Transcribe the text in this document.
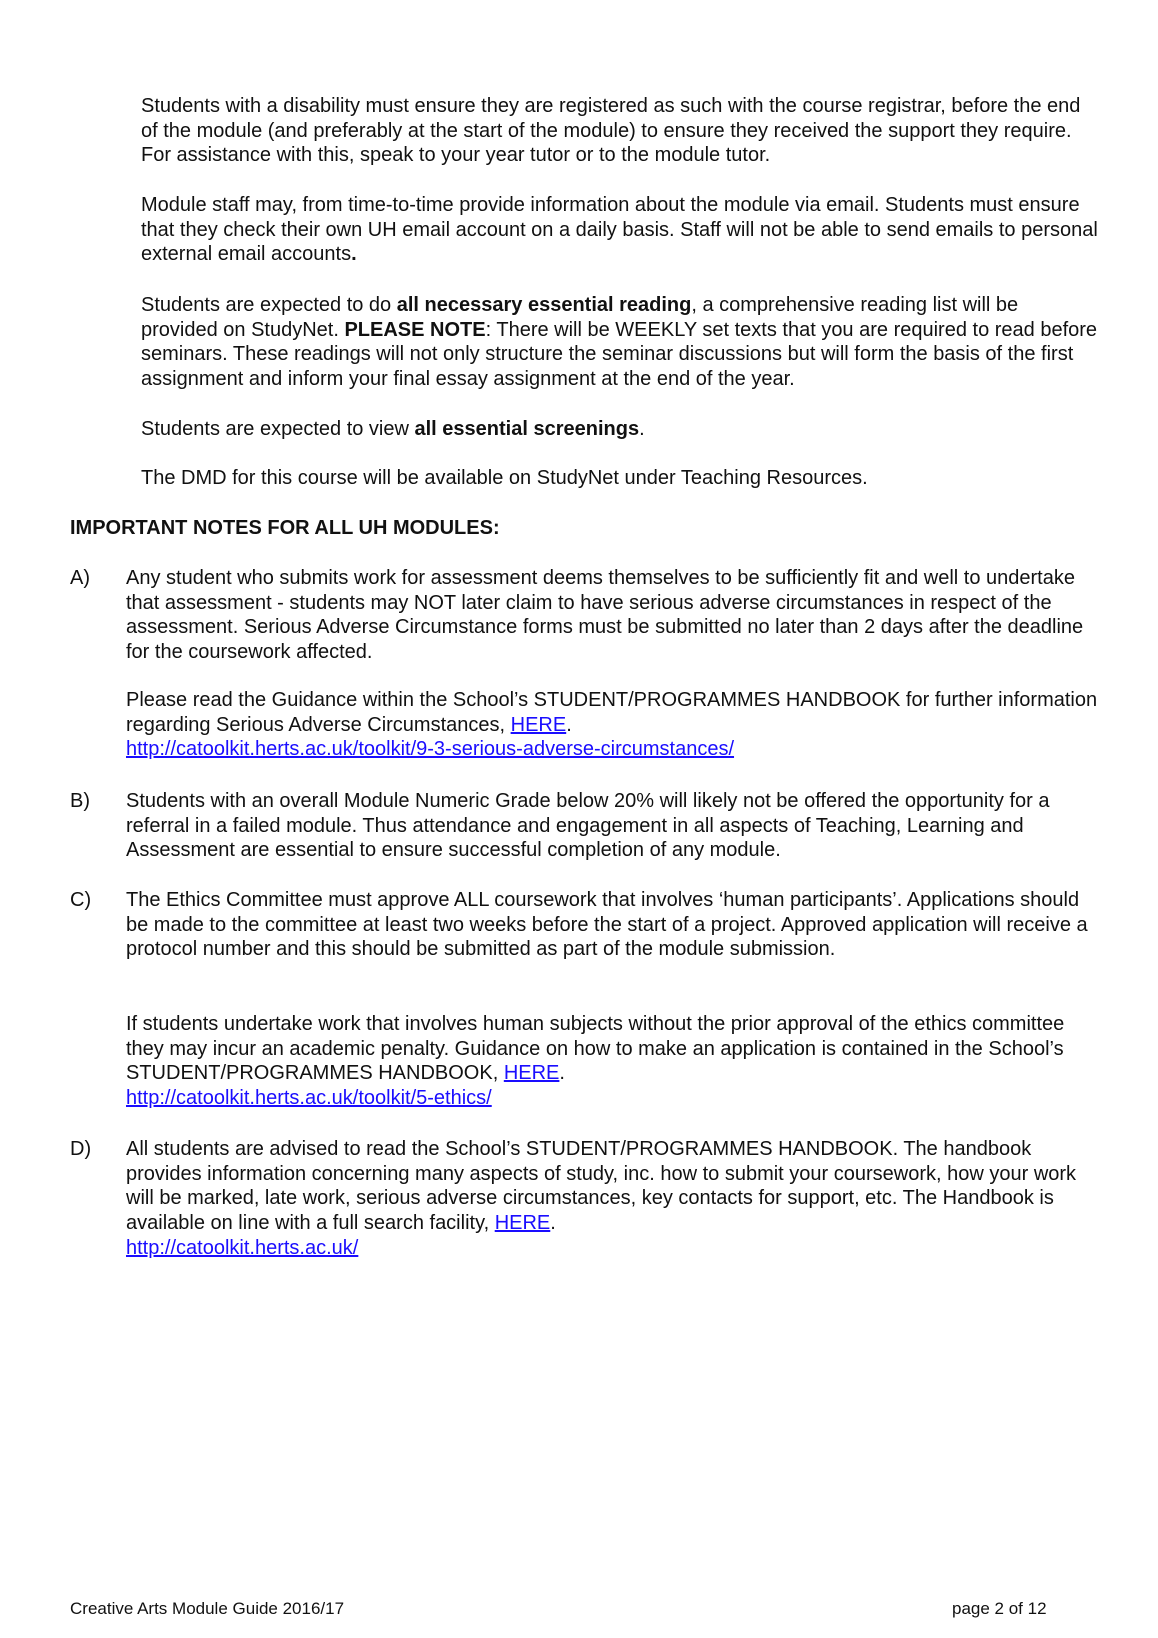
Students with a disability must ensure they are registered as such with the course registrar, before the end of the module (and preferably at the start of the module) to ensure they received the support they require. For assistance with this, speak to your year tutor or to the module tutor.
Module staff may, from time-to-time provide information about the module via email. Students must ensure that they check their own UH email account on a daily basis. Staff will not be able to send emails to personal external email accounts.
Students are expected to do all necessary essential reading, a comprehensive reading list will be provided on StudyNet. PLEASE NOTE: There will be WEEKLY set texts that you are required to read before seminars. These readings will not only structure the seminar discussions but will form the basis of the first assignment and inform your final essay assignment at the end of the year.
Students are expected to view all essential screenings.
The DMD for this course will be available on StudyNet under Teaching Resources.
IMPORTANT NOTES FOR ALL UH MODULES:
A) Any student who submits work for assessment deems themselves to be sufficiently fit and well to undertake that assessment - students may NOT later claim to have serious adverse circumstances in respect of the assessment. Serious Adverse Circumstance forms must be submitted no later than 2 days after the deadline for the coursework affected.
Please read the Guidance within the School’s STUDENT/PROGRAMMES HANDBOOK for further information regarding Serious Adverse Circumstances, HERE.
http://catoolkit.herts.ac.uk/toolkit/9-3-serious-adverse-circumstances/
B) Students with an overall Module Numeric Grade below 20% will likely not be offered the opportunity for a referral in a failed module. Thus attendance and engagement in all aspects of Teaching, Learning and Assessment are essential to ensure successful completion of any module.
C) The Ethics Committee must approve ALL coursework that involves ‘human participants’. Applications should be made to the committee at least two weeks before the start of a project. Approved application will receive a protocol number and this should be submitted as part of the module submission.
If students undertake work that involves human subjects without the prior approval of the ethics committee they may incur an academic penalty. Guidance on how to make an application is contained in the School’s STUDENT/PROGRAMMES HANDBOOK, HERE.
http://catoolkit.herts.ac.uk/toolkit/5-ethics/
D) All students are advised to read the School’s STUDENT/PROGRAMMES HANDBOOK. The handbook provides information concerning many aspects of study, inc. how to submit your coursework, how your work will be marked, late work, serious adverse circumstances, key contacts for support, etc. The Handbook is available on line with a full search facility, HERE.
http://catoolkit.herts.ac.uk/
Creative Arts Module Guide 2016/17	page 2 of 12
